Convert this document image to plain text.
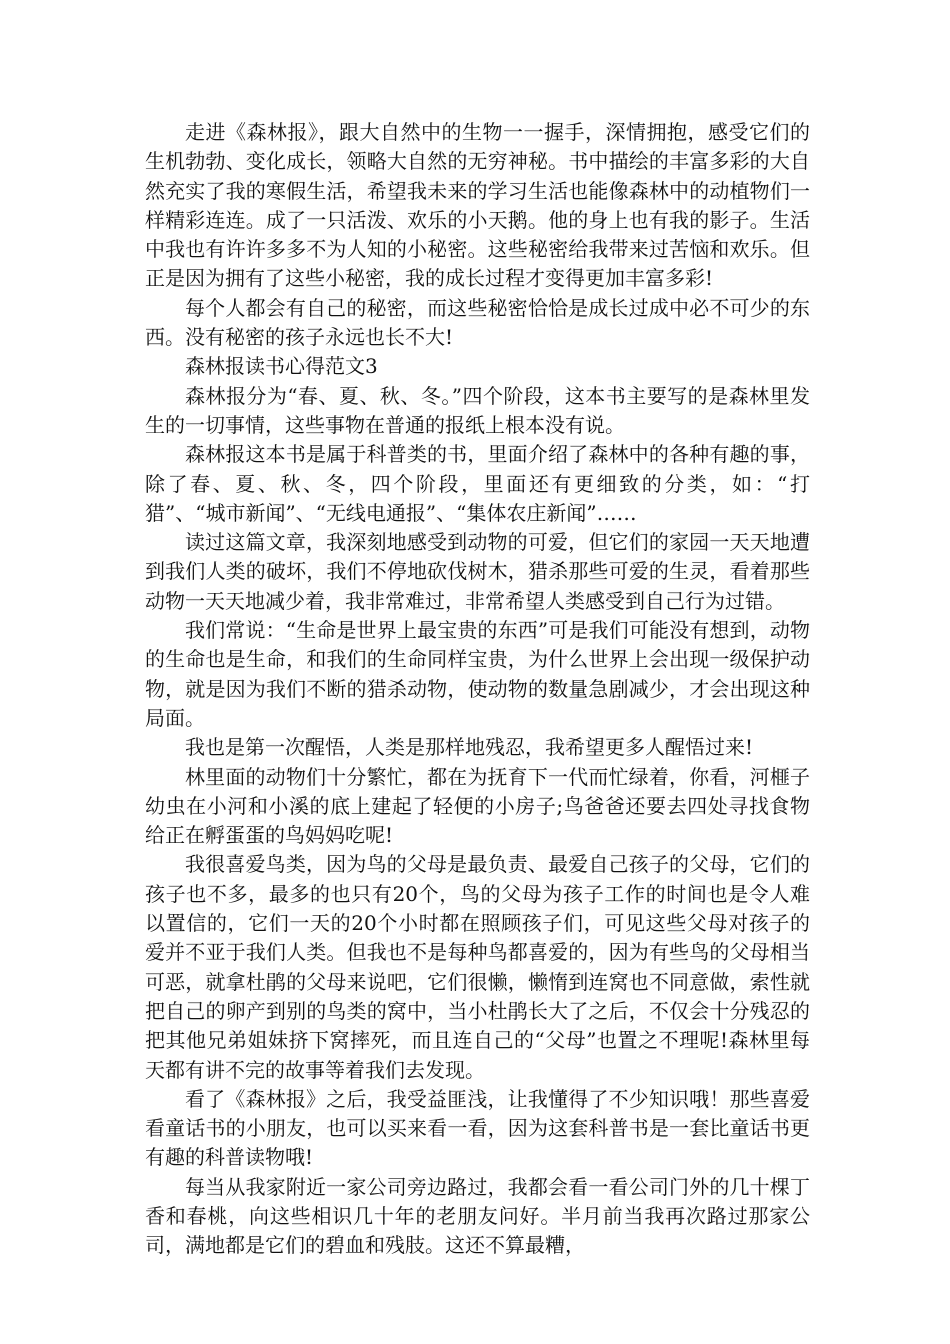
走进《森林报》，跟大自然中的生物一一握手，深情拥抱，感受它们的生机勃勃、变化成长，领略大自然的无穷神秘。书中描绘的丰富多彩的大自然充实了我的寒假生活，希望我未来的学习生活也能像森林中的动植物们一样精彩连连。成了一只活泼、欢乐的小天鹅。他的身上也有我的影子。生活中我也有许许多多不为人知的小秘密。这些秘密给我带来过苦恼和欢乐。但正是因为拥有了这些小秘密，我的成长过程才变得更加丰富多彩!

每个人都会有自己的秘密，而这些秘密恰恰是成长过成中必不可少的东西。没有秘密的孩子永远也长不大!

森林报读书心得范文3

森林报分为“春、夏、秋、冬。”四个阶段，这本书主要写的是森林里发生的一切事情，这些事物在普通的报纸上根本没有说。

森林报这本书是属于科普类的书，里面介绍了森林中的各种有趣的事，除了春、夏、秋、冬，四个阶段，里面还有更细致的分类，如：“打猎”、“城市新闻”、“无线电通报”、“集体农庄新闻”……

读过这篇文章，我深刻地感受到动物的可爱，但它们的家园一天天地遭到我们人类的破坏，我们不停地砍伐树木，猎杀那些可爱的生灵，看着那些动物一天天地减少着，我非常难过，非常希望人类感受到自己行为过错。

我们常说：“生命是世界上最宝贵的东西”可是我们可能没有想到，动物的生命也是生命，和我们的生命同样宝贵，为什么世界上会出现一级保护动物，就是因为我们不断的猎杀动物，使动物的数量急剧减少，才会出现这种局面。

我也是第一次醒悟，人类是那样地残忍，我希望更多人醒悟过来!

林里面的动物们十分繁忙，都在为抚育下一代而忙绿着，你看，河榧子幼虫在小河和小溪的底上建起了轻便的小房子;鸟爸爸还要去四处寻找食物给正在孵蛋蛋的鸟妈妈吃呢!

我很喜爱鸟类，因为鸟的父母是最负责、最爱自己孩子的父母，它们的孩子也不多，最多的也只有20个，鸟的父母为孩子工作的时间也是令人难以置信的，它们一天的20个小时都在照顾孩子们，可见这些父母对孩子的爱并不亚于我们人类。但我也不是每种鸟都喜爱的，因为有些鸟的父母相当可恶，就拿杜鹃的父母来说吧，它们很懒，懒惰到连窝也不同意做，索性就把自己的卵产到别的鸟类的窝中，当小杜鹃长大了之后，不仅会十分残忍的把其他兄弟姐妹挤下窝摔死，而且连自己的“父母”也置之不理呢!森林里每天都有讲不完的故事等着我们去发现。

看了《森林报》之后，我受益匪浅，让我懂得了不少知识哦！那些喜爱看童话书的小朋友，也可以买来看一看，因为这套科普书是一套比童话书更有趣的科普读物哦!

每当从我家附近一家公司旁边路过，我都会看一看公司门外的几十棵丁香和春桃，向这些相识几十年的老朋友问好。半月前当我再次路过那家公司，满地都是它们的碧血和残肢。这还不算最糟，
